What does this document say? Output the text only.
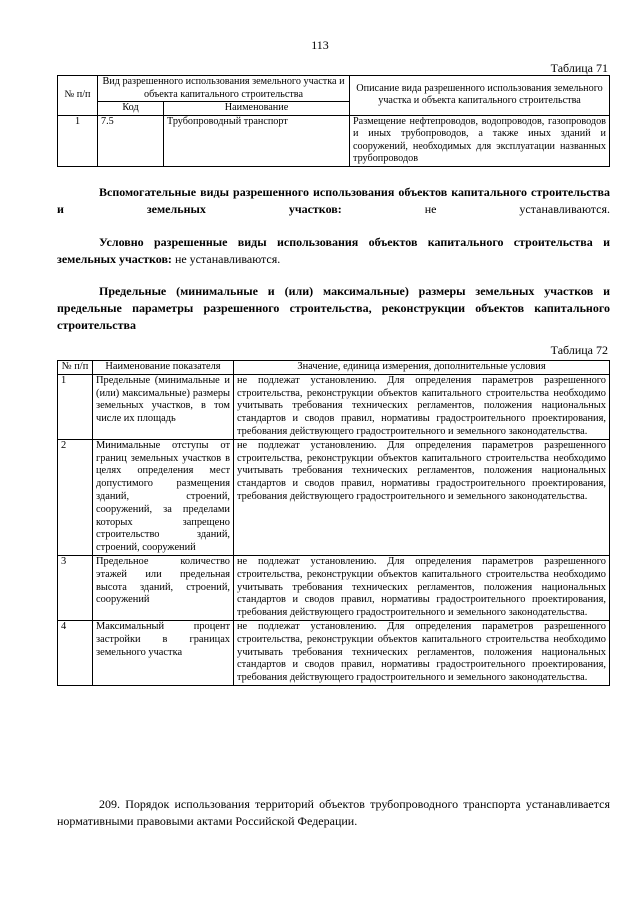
113
Таблица 71
№ п/п	Вид разрешенного использования земельного участка и объекта капитального строительства		Описание вида разрешенного использования земельного участка и объекта капитального строительства
	Код	Наименование	
1	7.5	Трубопроводный транспорт	Размещение нефтепроводов, водопроводов, газопроводов и иных трубопроводов, а также иных зданий и сооружений, необходимых для эксплуатации названных трубопроводов
Вспомогательные виды разрешенного использования объектов капитального строительства и земельных участков: не устанавливаются.
Условно разрешенные виды использования объектов капитального строительства и земельных участков: не устанавливаются.
Предельные (минимальные и (или) максимальные) размеры земельных участков и предельные параметры разрешенного строительства, реконструкции объектов капитального строительства
Таблица 72
№ п/п	Наименование показателя	Значение, единица измерения, дополнительные условия
1	Предельные (минимальные и (или) максимальные) размеры земельных участков, в том числе их площадь	не подлежат установлению. Для определения параметров разрешенного строительства, реконструкции объектов капитального строительства необходимо учитывать требования технических регламентов, положения национальных стандартов и сводов правил, нормативы градостроительного проектирования, требования действующего градостроительного и земельного законодательства.
2	Минимальные отступы от границ земельных участков в целях определения мест допустимого размещения зданий, строений, сооружений, за пределами которых запрещено строительство зданий, строений, сооружений	не подлежат установлению. Для определения параметров разрешенного строительства, реконструкции объектов капитального строительства необходимо учитывать требования технических регламентов, положения национальных стандартов и сводов правил, нормативы градостроительного проектирования, требования действующего градостроительного и земельного законодательства.
3	Предельное количество этажей или предельная высота зданий, строений, сооружений	не подлежат установлению. Для определения параметров разрешенного строительства, реконструкции объектов капитального строительства необходимо учитывать требования технических регламентов, положения национальных стандартов и сводов правил, нормативы градостроительного проектирования, требования действующего градостроительного и земельного законодательства.
4	Максимальный процент застройки в границах земельного участка	не подлежат установлению. Для определения параметров разрешенного строительства, реконструкции объектов капитального строительства необходимо учитывать требования технических регламентов, положения национальных стандартов и сводов правил, нормативы градостроительного проектирования, требования действующего градостроительного и земельного законодательства.
209. Порядок использования территорий объектов трубопроводного транспорта устанавливается нормативными правовыми актами Российской Федерации.
